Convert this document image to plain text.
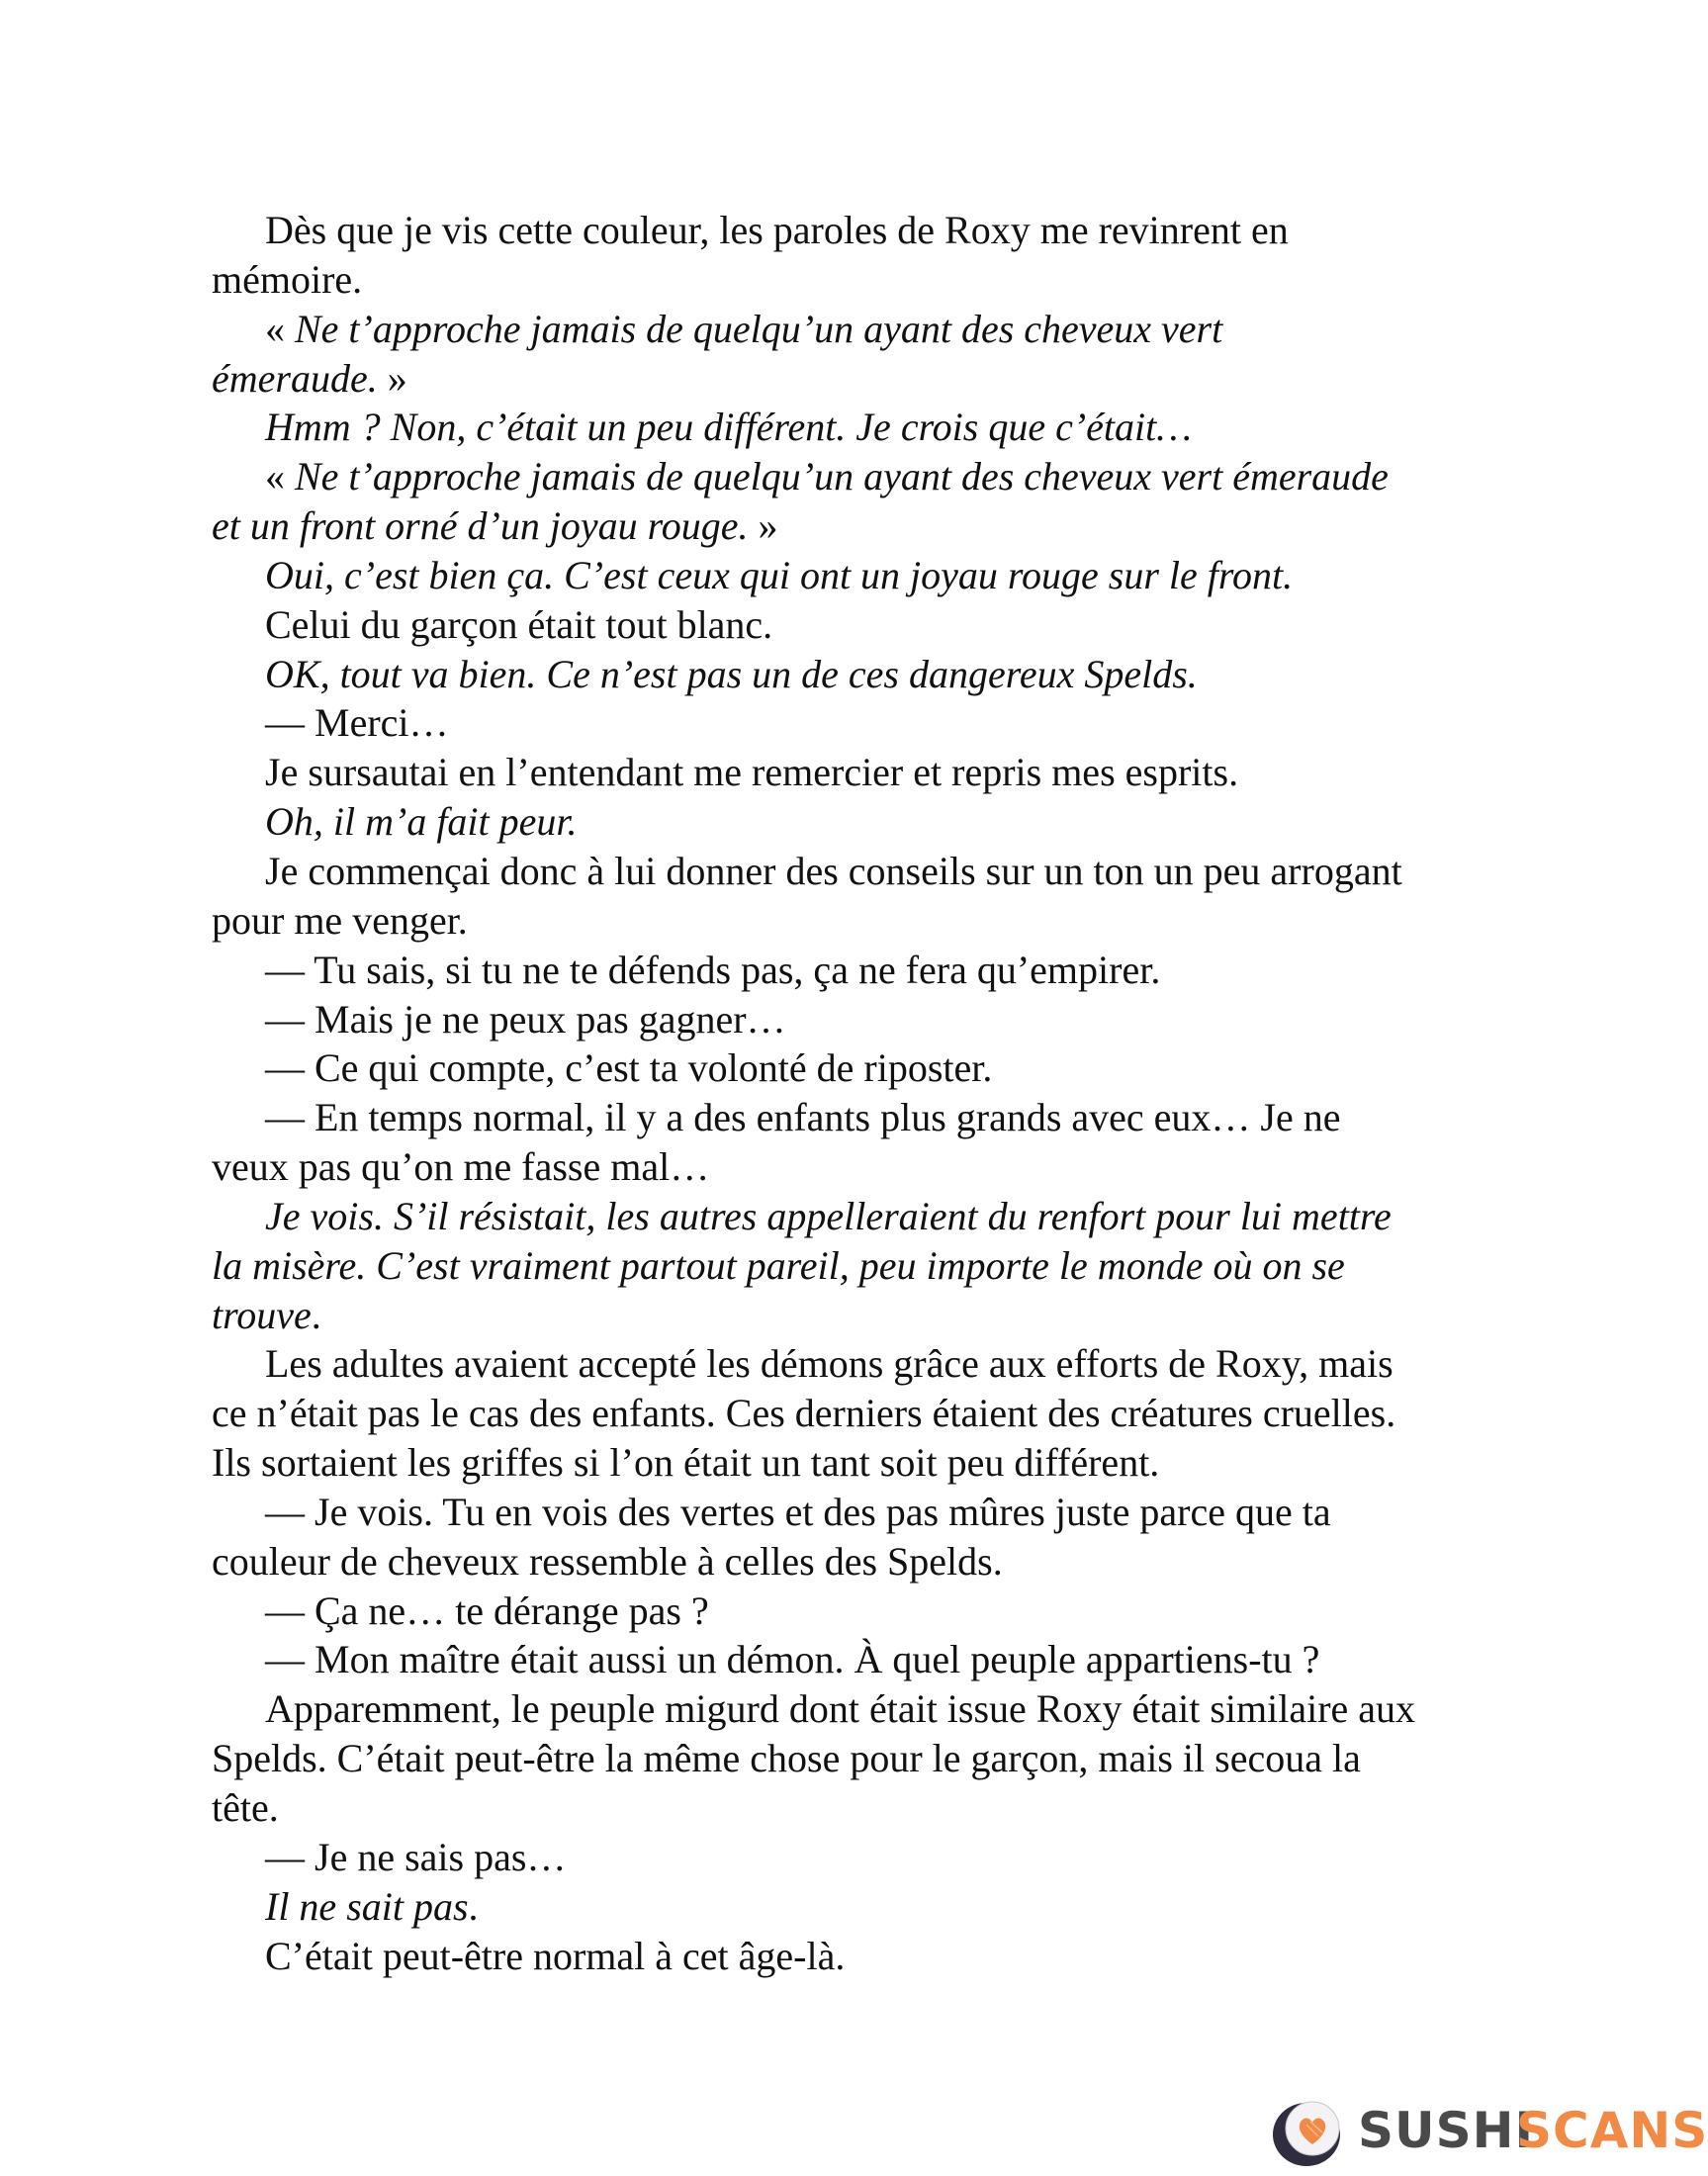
Dès que je vis cette couleur, les paroles de Roxy me revinrent en
mémoire.

« Ne t’approche jamais de quelqu’un ayant des cheveux vert
émeraude. »

Hmm ? Non, c’était un peu différent. Je crois que c’était…

« Ne t’approche jamais de quelqu’un ayant des cheveux vert émeraude
et un front orné d’un joyau rouge. »

Oui, c’est bien ça. C’est ceux qui ont un joyau rouge sur le front.

Celui du garçon était tout blanc.

OK, tout va bien. Ce n’est pas un de ces dangereux Spelds.

— Merci…

Je sursautai en l’entendant me remercier et repris mes esprits.

Oh, il m’a fait peur.

Je commençai donc à lui donner des conseils sur un ton un peu arrogant
pour me venger.

— Tu sais, si tu ne te défends pas, ça ne fera qu’empirer.

— Mais je ne peux pas gagner…

— Ce qui compte, c’est ta volonté de riposter.

— En temps normal, il y a des enfants plus grands avec eux… Je ne
veux pas qu’on me fasse mal…

Je vois. S’il résistait, les autres appelleraient du renfort pour lui mettre
la misère. C’est vraiment partout pareil, peu importe le monde où on se
trouve.

Les adultes avaient accepté les démons grâce aux efforts de Roxy, mais
ce n’était pas le cas des enfants. Ces derniers étaient des créatures cruelles.
Ils sortaient les griffes si l’on était un tant soit peu différent.

— Je vois. Tu en vois des vertes et des pas mûres juste parce que ta
couleur de cheveux ressemble à celles des Spelds.

— Ça ne… te dérange pas ?

— Mon maître était aussi un démon. À quel peuple appartiens-tu ?

Apparemment, le peuple migurd dont était issue Roxy était similaire aux
Spelds. C’était peut-être la même chose pour le garçon, mais il secoua la
tête.

— Je ne sais pas…

Il ne sait pas.

C’était peut-être normal à cet âge-là.

SUSHI
SCANS
